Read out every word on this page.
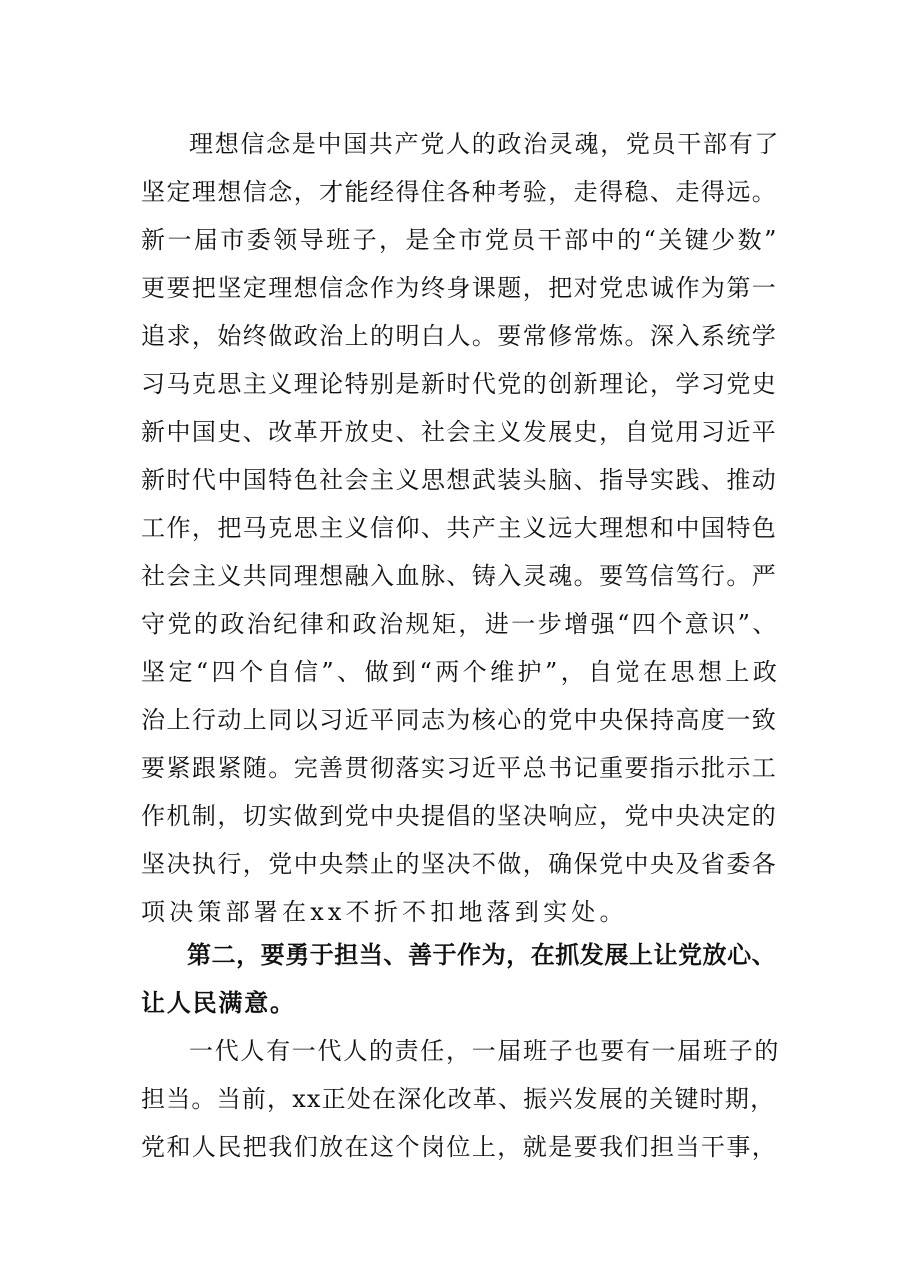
理想信念是中国共产党人的政治灵魂，党员干部有了
坚定理想信念，才能经得住各种考验，走得稳、走得远。
新一届市委领导班子，是全市党员干部中的“关键少数”
更要把坚定理想信念作为终身课题，把对党忠诚作为第一
追求，始终做政治上的明白人。要常修常炼。深入系统学
习马克思主义理论特别是新时代党的创新理论，学习党史
新中国史、改革开放史、社会主义发展史，自觉用习近平
新时代中国特色社会主义思想武装头脑、指导实践、推动
工作，把马克思主义信仰、共产主义远大理想和中国特色
社会主义共同理想融入血脉、铸入灵魂。要笃信笃行。严
守党的政治纪律和政治规矩，进一步增强“四个意识”、
坚定“四个自信”、做到“两个维护”，自觉在思想上政
治上行动上同以习近平同志为核心的党中央保持高度一致
要紧跟紧随。完善贯彻落实习近平总书记重要指示批示工
作机制，切实做到党中央提倡的坚决响应，党中央决定的
坚决执行，党中央禁止的坚决不做，确保党中央及省委各
项决策部署在xx不折不扣地落到实处。
第二，要勇于担当、善于作为，在抓发展上让党放心、
让人民满意。
一代人有一代人的责任，一届班子也要有一届班子的
担当。当前，xx正处在深化改革、振兴发展的关键时期，
党和人民把我们放在这个岗位上，就是要我们担当干事，
